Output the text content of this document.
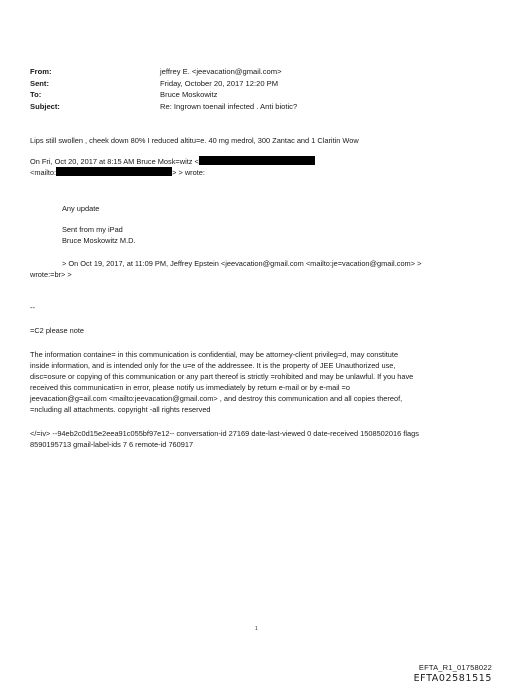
From:	jeffrey E. <jeevacation@gmail.com>
Sent:	Friday, October 20, 2017 12:20 PM
To:	Bruce Moskowitz
Subject:	Re: Ingrown toenail infected . Anti biotic?
Lips still swollen , cheek down 80% I reduced altitu=e. 40 mg medrol, 300 Zantac and 1 Claritin Wow
On Fri, Oct 20, 2017 at 8:15 AM Bruce Mosk=witz <
<mailto:	> > wrote:
Any update
Sent from my iPad
Bruce Moskowitz M.D.
> On Oct 19, 2017, at 11:09 PM, Jeffrey Epstein <jeevacation@gmail.com <mailto:je=vacation@gmail.com> >
wrote:=br> >
--
=C2 please note
The information containe= in this communication is confidential, may be attorney-client privileg=d, may constitute
inside information, and is intended only for the u=e of the addressee. It is the property of JEE Unauthorized use,
disc=osure or copying of this communication or any part thereof is strictly =rohibited and may be unlawful. If you have
received this communicati=n in error, please notify us immediately by return e-mail or by e-mail =o
jeevacation@g=ail.com <mailto:jeevacation@gmail.com> , and destroy this communication and all copies thereof,
=ncluding all attachments. copyright -all rights reserved
</=iv> --94eb2c0d15e2eea91c055bf97e12-- conversation-id 27169 date-last-viewed 0 date-received 1508502016 flags
8590195713 gmail-label-ids 7 6 remote-id 760917
1
EFTA_R1_01758022
EFTA02581515
